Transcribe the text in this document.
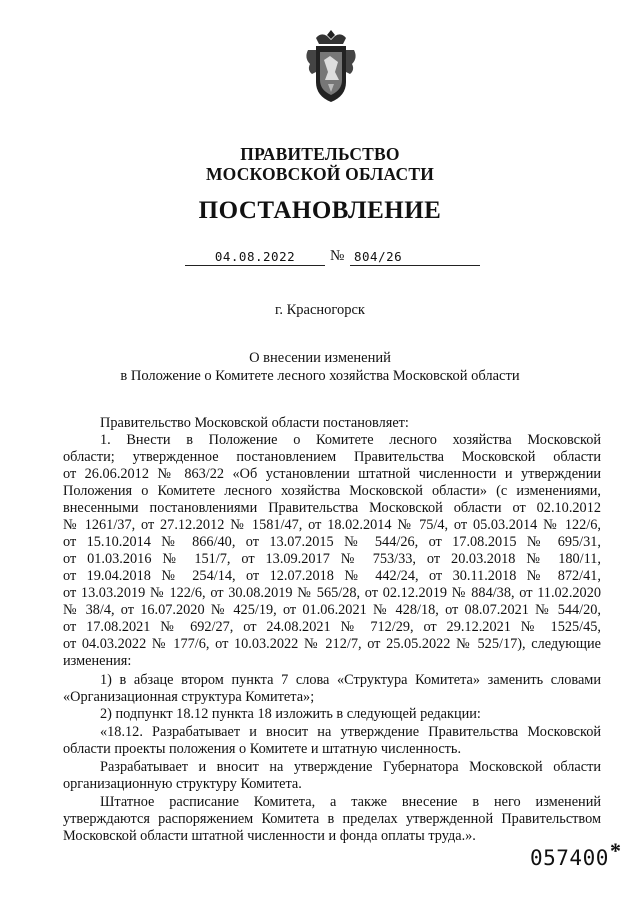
ПРАВИТЕЛЬСТВО
МОСКОВСКОЙ ОБЛАСТИ
ПОСТАНОВЛЕНИЕ
04.08.2022	№ 804/26
г. Красногорск
О внесении изменений
в Положение о Комитете лесного хозяйства Московской области
Правительство Московской области постановляет:
1. Внести в Положение о Комитете лесного хозяйства Московской
области; утвержденное постановлением Правительства Московской области
от 26.06.2012 № 863/22 «Об установлении штатной численности и утверждении
Положения о Комитете лесного хозяйства Московской области» (с изменениями,
внесенными постановлениями Правительства Московской области от 02.10.2012
№ 1261/37, от 27.12.2012 № 1581/47, от 18.02.2014 № 75/4, от 05.03.2014 № 122/6,
от 15.10.2014 № 866/40, от 13.07.2015 № 544/26, от 17.08.2015 № 695/31,
от 01.03.2016 № 151/7, от 13.09.2017 № 753/33, от 20.03.2018 № 180/11,
от 19.04.2018 № 254/14, от 12.07.2018 № 442/24, от 30.11.2018 № 872/41,
от 13.03.2019 № 122/6, от 30.08.2019 № 565/28, от 02.12.2019 № 884/38, от 11.02.2020
№ 38/4, от 16.07.2020 № 425/19, от 01.06.2021 № 428/18, от 08.07.2021 № 544/20,
от 17.08.2021 № 692/27, от 24.08.2021 № 712/29, от 29.12.2021 № 1525/45,
от 04.03.2022 № 177/6, от 10.03.2022 № 212/7, от 25.05.2022 № 525/17), следующие
изменения:
1) в абзаце втором пункта 7 слова «Структура Комитета» заменить словами
«Организационная структура Комитета»;
2) подпункт 18.12 пункта 18 изложить в следующей редакции:
«18.12. Разрабатывает и вносит на утверждение Правительства Московской
области проекты положения о Комитете и штатную численность.
Разрабатывает и вносит на утверждение Губернатора Московской области
организационную структуру Комитета.
Штатное расписание Комитета, а также внесение в него изменений
утверждаются распоряжением Комитета в пределах утвержденной Правительством
Московской области штатной численности и фонда оплаты труда.».
057400 *
